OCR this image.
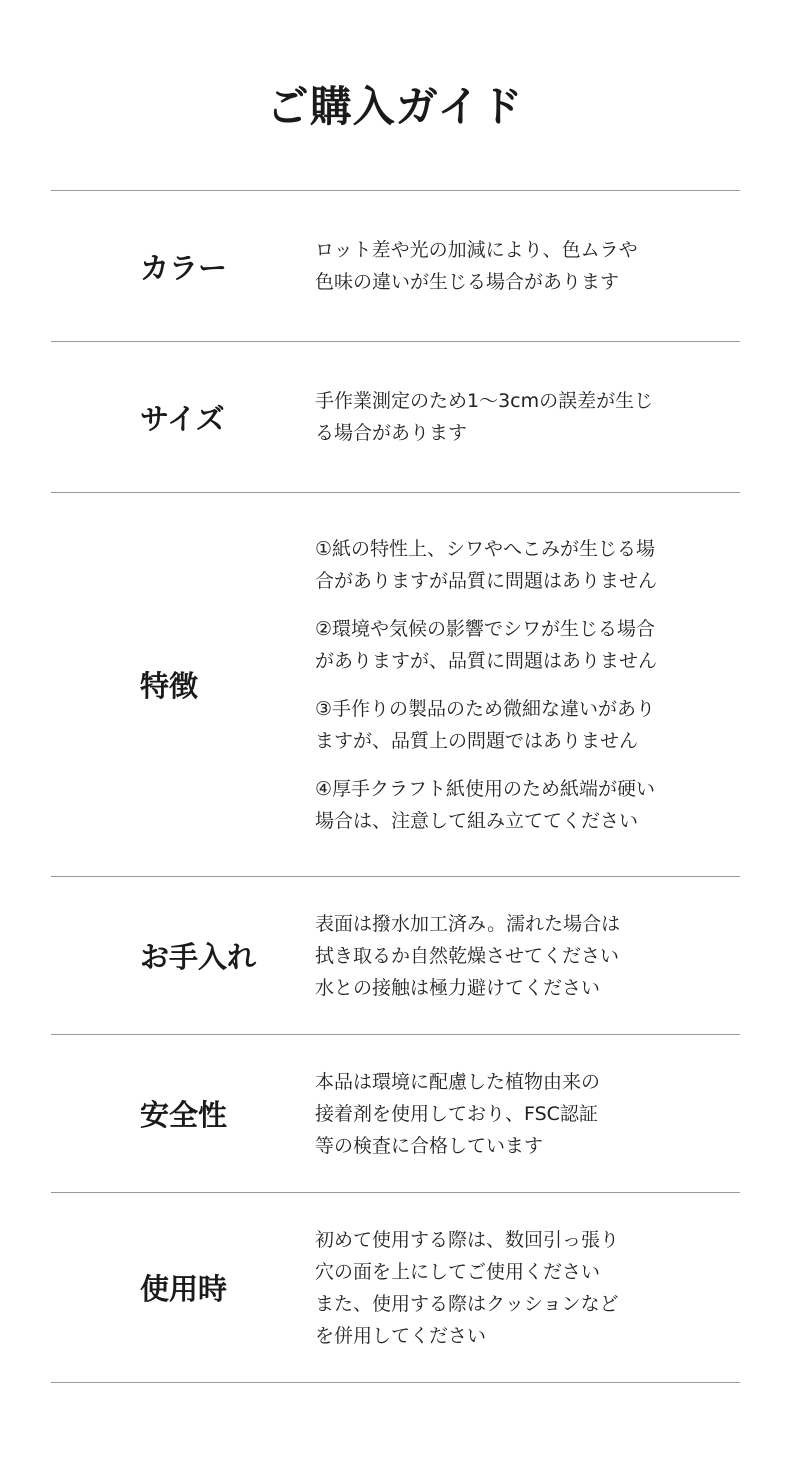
ご購入ガイド
カラー

ロット差や光の加減により、色ムラや

色味の違いが生じる場合があります

サイズ

手作業測定のため1～3cmの誤差が生じ

る場合があります

特徴

①紙の特性上、シワやへこみが生じる場

合がありますが品質に問題はありません

②環境や気候の影響でシワが生じる場合

がありますが、品質に問題はありません

③手作りの製品のため微細な違いがあり

ますが、品質上の問題ではありません

④厚手クラフト紙使用のため紙端が硬い

場合は、注意して組み立ててください

お手入れ

表面は撥水加工済み。濡れた場合は

拭き取るか自然乾燥させてください

水との接触は極力避けてください

安全性

本品は環境に配慮した植物由来の

接着剤を使用しており、FSC認証

等の検査に合格しています

使用時

初めて使用する際は、数回引っ張り

穴の面を上にしてご使用ください

また、使用する際はクッションなど

を併用してください
